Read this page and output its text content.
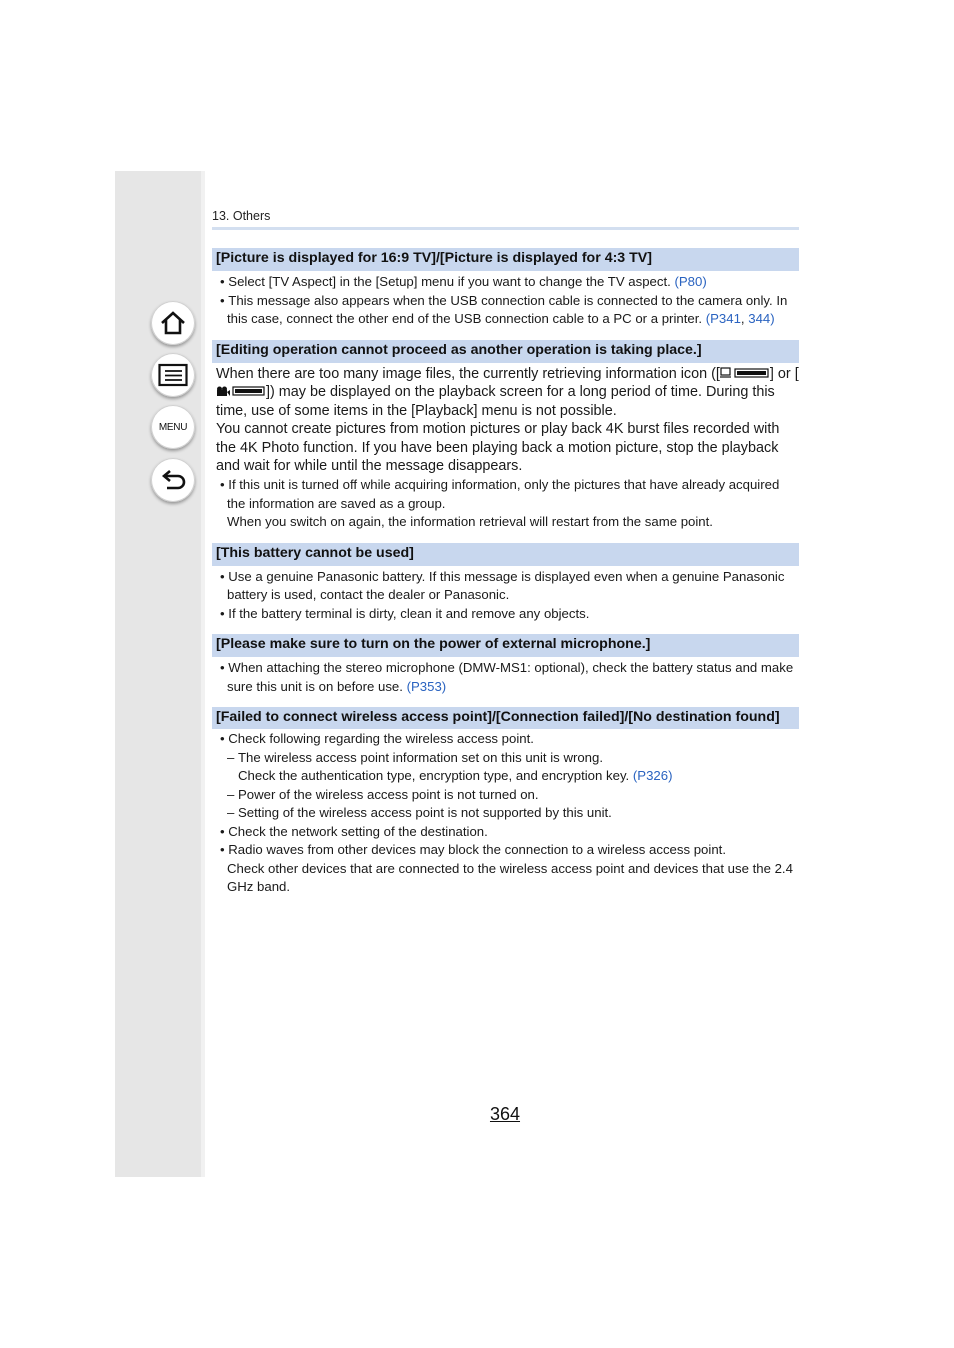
MENU
13. Others
[Picture is displayed for 16:9 TV]/[Picture is displayed for 4:3 TV]
• Select [TV Aspect] in the [Setup] menu if you want to change the TV aspect. (P80)
• This message also appears when the USB connection cable is connected to the camera only. In this case, connect the other end of the USB connection cable to a PC or a printer. (P341, 344)
[Editing operation cannot proceed as another operation is taking place.]
When there are too many image files, the currently retrieving information icon ([	] or []) may be displayed on the playback screen for a long period of time. During this time, use of some items in the [Playback] menu is not possible.
You cannot create pictures from motion pictures or play back 4K burst files recorded with the 4K Photo function. If you have been playing back a motion picture, stop the playback and wait for while until the message disappears.
• If this unit is turned off while acquiring information, only the pictures that have already acquired the information are saved as a group.
When you switch on again, the information retrieval will restart from the same point.
[This battery cannot be used]
• Use a genuine Panasonic battery. If this message is displayed even when a genuine Panasonic battery is used, contact the dealer or Panasonic.
• If the battery terminal is dirty, clean it and remove any objects.
[Please make sure to turn on the power of external microphone.]
• When attaching the stereo microphone (DMW-MS1: optional), check the battery status and make sure this unit is on before use. (P353)
[Failed to connect wireless access point]/[Connection failed]/[No destination found]
• Check following regarding the wireless access point.
– The wireless access point information set on this unit is wrong.
Check the authentication type, encryption type, and encryption key. (P326)
– Power of the wireless access point is not turned on.
– Setting of the wireless access point is not supported by this unit.
• Check the network setting of the destination.
• Radio waves from other devices may block the connection to a wireless access point.
Check other devices that are connected to the wireless access point and devices that use the 2.4 GHz band.
364
